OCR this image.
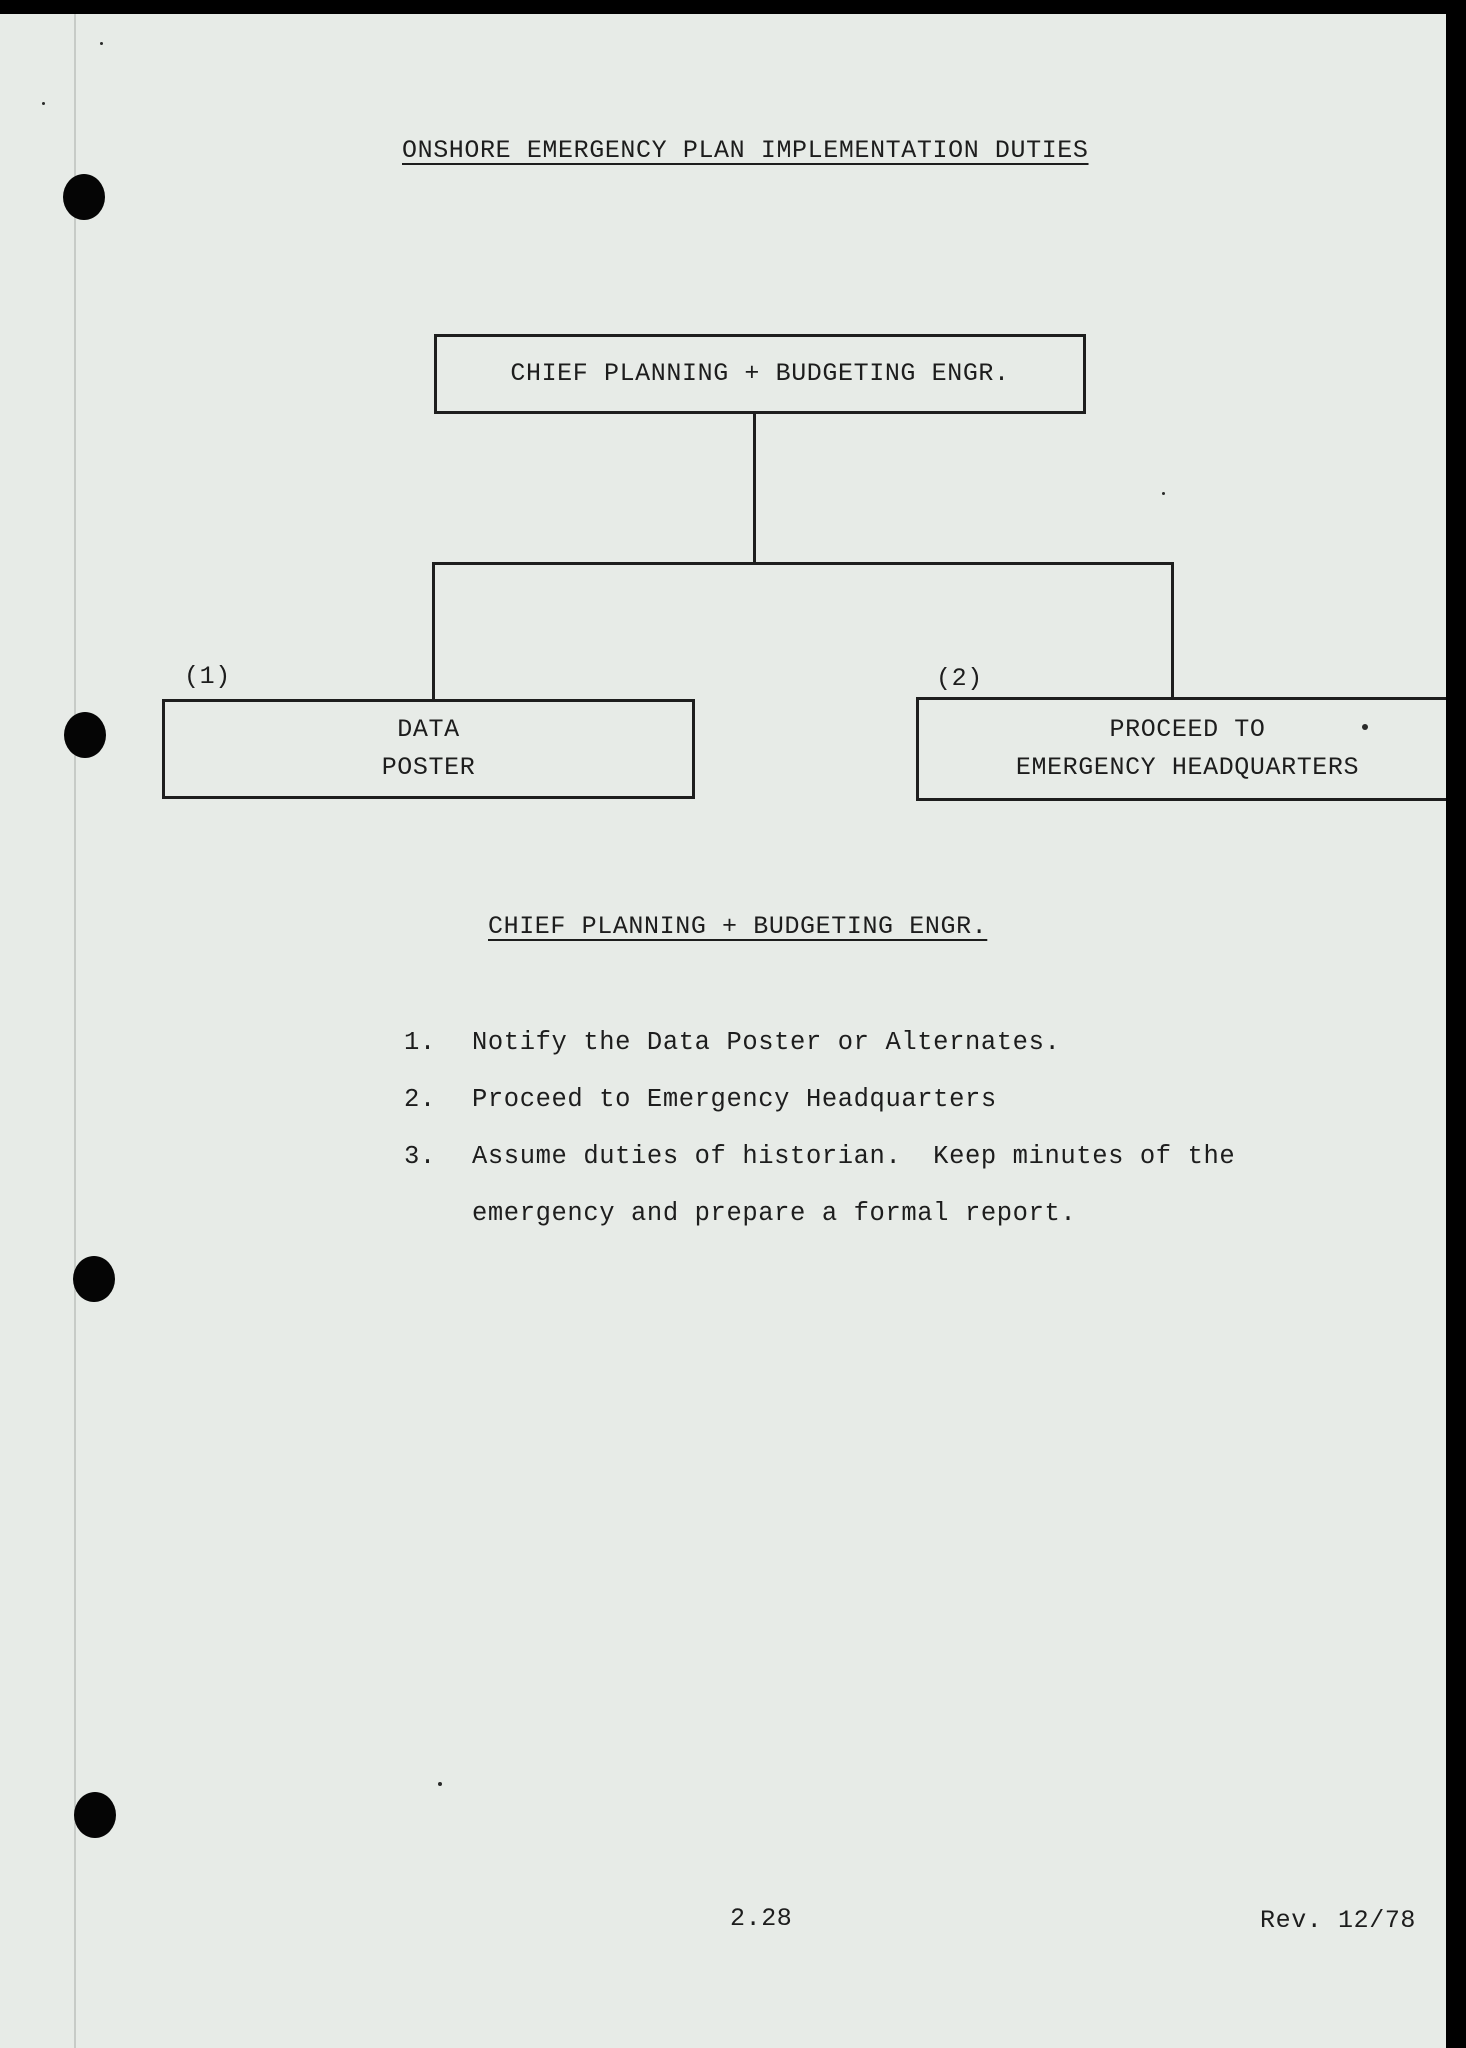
ONSHORE EMERGENCY PLAN IMPLEMENTATION DUTIES
CHIEF PLANNING + BUDGETING ENGR.
(1)
DATA
POSTER
(2)
PROCEED TO
EMERGENCY HEADQUARTERS
CHIEF PLANNING + BUDGETING ENGR.
1. Notify the Data Poster or Alternates.
2. Proceed to Emergency Headquarters
3. Assume duties of historian.  Keep minutes of the
emergency and prepare a formal report.
2.28	Rev. 12/78
